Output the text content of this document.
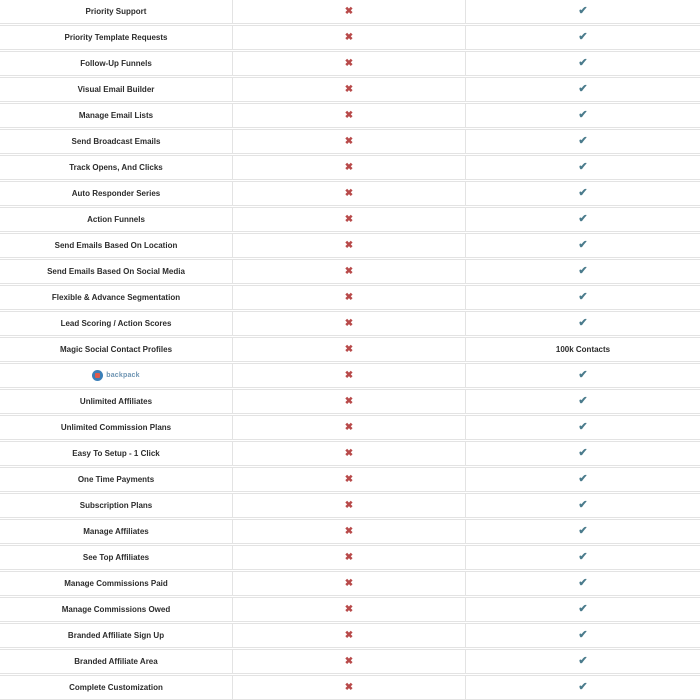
Priority Support	✖	✔
Priority Template Requests	✖	✔
Follow-Up Funnels	✖	✔
Visual Email Builder	✖	✔
Manage Email Lists	✖	✔
Send Broadcast Emails	✖	✔
Track Opens, And Clicks	✖	✔
Auto Responder Series	✖	✔
Action Funnels	✖	✔
Send Emails Based On Location	✖	✔
Send Emails Based On Social Media	✖	✔
Flexible & Advance Segmentation	✖	✔
Lead Scoring / Action Scores	✖	✔
Magic Social Contact Profiles	✖	100k Contacts
backpack	✖	✔
Unlimited Affiliates	✖	✔
Unlimited Commission Plans	✖	✔
Easy To Setup - 1 Click	✖	✔
One Time Payments	✖	✔
Subscription Plans	✖	✔
Manage Affiliates	✖	✔
See Top Affiliates	✖	✔
Manage Commissions Paid	✖	✔
Manage Commissions Owed	✖	✔
Branded Affiliate Sign Up	✖	✔
Branded Affiliate Area	✖	✔
Complete Customization	✖	✔
